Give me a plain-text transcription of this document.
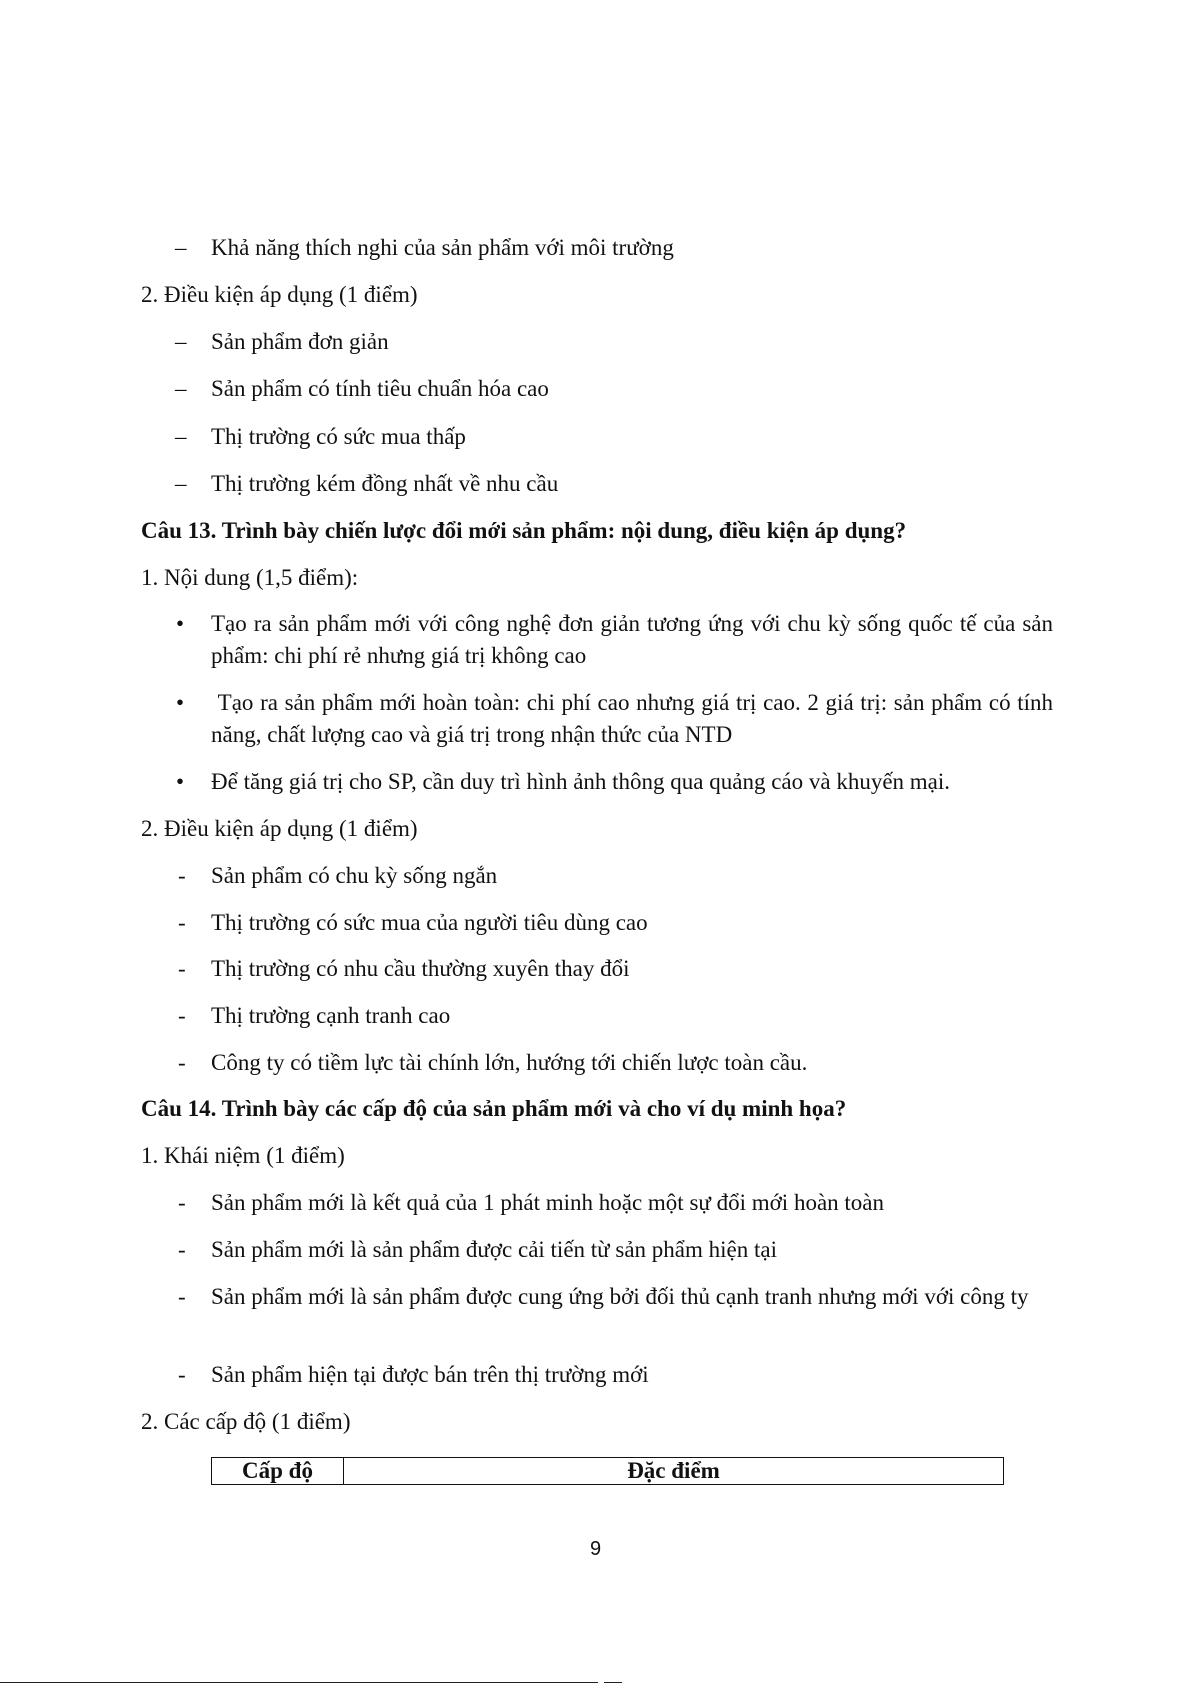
– Khả năng thích nghi của sản phẩm với môi trường
2. Điều kiện áp dụng (1 điểm)
– Sản phẩm đơn giản
– Sản phẩm có tính tiêu chuẩn hóa cao
– Thị trường có sức mua thấp
– Thị trường kém đồng nhất về nhu cầu
Câu 13. Trình bày chiến lược đổi mới sản phẩm: nội dung, điều kiện áp dụng?
1. Nội dung (1,5 điểm):
• Tạo ra sản phẩm mới với công nghệ đơn giản tương ứng với chu kỳ sống quốc tế của sản phẩm: chi phí rẻ nhưng giá trị không cao
• Tạo ra sản phẩm mới hoàn toàn: chi phí cao nhưng giá trị cao. 2 giá trị: sản phẩm có tính năng, chất lượng cao và giá trị trong nhận thức của NTD
• Để tăng giá trị cho SP, cần duy trì hình ảnh thông qua quảng cáo và khuyến mại.
2. Điều kiện áp dụng (1 điểm)
- Sản phẩm có chu kỳ sống ngắn
- Thị trường có sức mua của người tiêu dùng cao
- Thị trường có nhu cầu thường xuyên thay đổi
- Thị trường cạnh tranh cao
- Công ty có tiềm lực tài chính lớn, hướng tới chiến lược toàn cầu.
Câu 14. Trình bày các cấp độ của sản phẩm mới và cho ví dụ minh họa?
1. Khái niệm (1 điểm)
- Sản phẩm mới là kết quả của 1 phát minh hoặc một sự đổi mới hoàn toàn
- Sản phẩm mới là sản phẩm được cải tiến từ sản phẩm hiện tại
- Sản phẩm mới là sản phẩm được cung ứng bởi đối thủ cạnh tranh nhưng mới với công ty
- Sản phẩm hiện tại được bán trên thị trường mới
2. Các cấp độ (1 điểm)
Cấp độ	Đặc điểm
9
